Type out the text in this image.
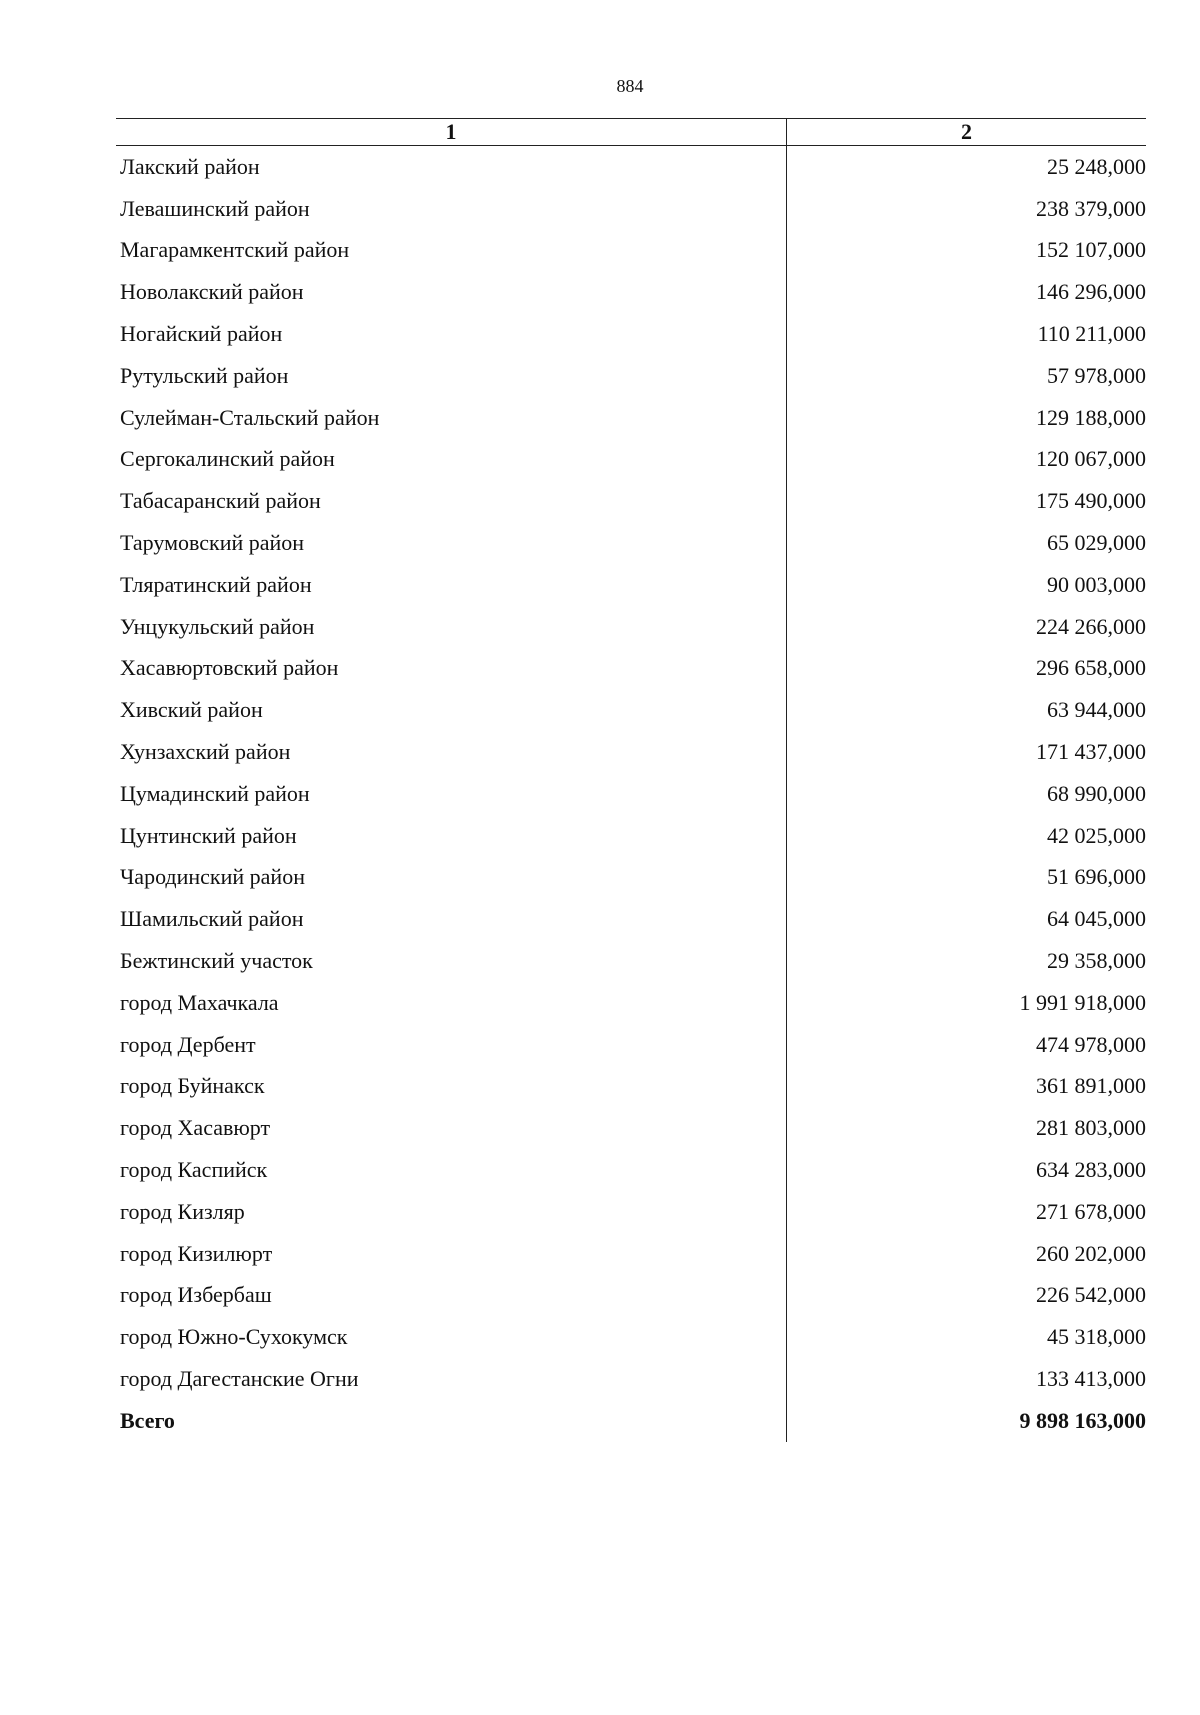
884
1	2
Лакский район	25 248,000
Левашинский район	238 379,000
Магарамкентский район	152 107,000
Новолакский район	146 296,000
Ногайский район	110 211,000
Рутульский район	57 978,000
Сулейман-Стальский район	129 188,000
Сергокалинский район	120 067,000
Табасаранский район	175 490,000
Тарумовский район	65 029,000
Тляратинский район	90 003,000
Унцукульский район	224 266,000
Хасавюртовский район	296 658,000
Хивский район	63 944,000
Хунзахский район	171 437,000
Цумадинский район	68 990,000
Цунтинский район	42 025,000
Чародинский район	51 696,000
Шамильский район	64 045,000
Бежтинский участок	29 358,000
город Махачкала	1 991 918,000
город Дербент	474 978,000
город Буйнакск	361 891,000
город Хасавюрт	281 803,000
город Каспийск	634 283,000
город Кизляр	271 678,000
город Кизилюрт	260 202,000
город Избербаш	226 542,000
город Южно-Сухокумск	45 318,000
город Дагестанские Огни	133 413,000
Всего	9 898 163,000
